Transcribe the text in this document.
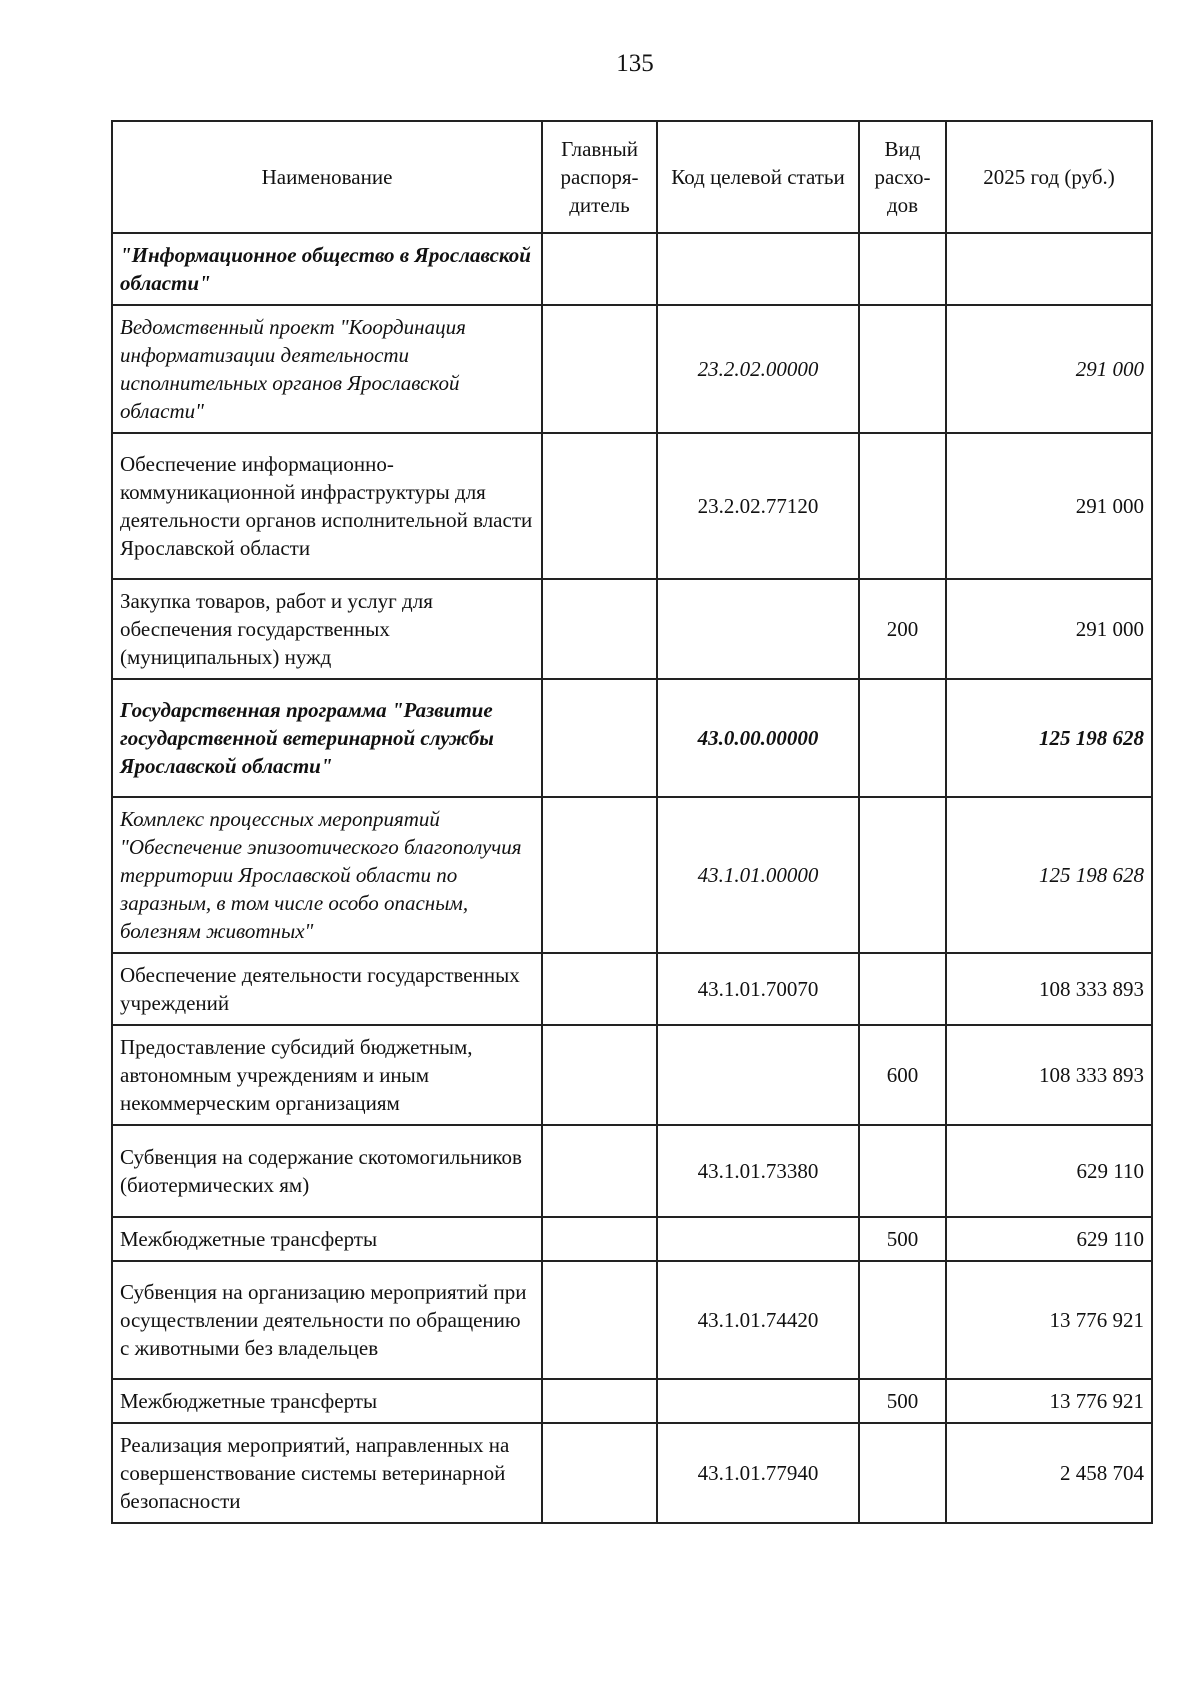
135
Наименование	Главный распоря-дитель	Код целевой статьи	Вид расхо-дов	2025 год (руб.)
"Информационное общество в Ярославской области"				
Ведомственный проект "Координация информатизации деятельности исполнительных органов Ярославской области"		23.2.02.00000		291 000
Обеспечение информационно-коммуникационной инфраструктуры для деятельности органов исполнительной власти Ярославской области		23.2.02.77120		291 000
Закупка товаров, работ и услуг для обеспечения государственных (муниципальных) нужд			200	291 000
Государственная программа "Развитие государственной ветеринарной службы Ярославской области"		43.0.00.00000		125 198 628
Комплекс процессных мероприятий "Обеспечение эпизоотического благополучия территории Ярославской области по заразным, в том числе особо опасным, болезням животных"		43.1.01.00000		125 198 628
Обеспечение деятельности государственных учреждений		43.1.01.70070		108 333 893
Предоставление субсидий бюджетным, автономным учреждениям и иным некоммерческим организациям			600	108 333 893
Субвенция на содержание скотомогильников (биотермических ям)		43.1.01.73380		629 110
Межбюджетные трансферты			500	629 110
Субвенция на организацию мероприятий при осуществлении деятельности по обращению с животными без владельцев		43.1.01.74420		13 776 921
Межбюджетные трансферты			500	13 776 921
Реализация мероприятий, направленных на совершенствование системы ветеринарной безопасности		43.1.01.77940		2 458 704
